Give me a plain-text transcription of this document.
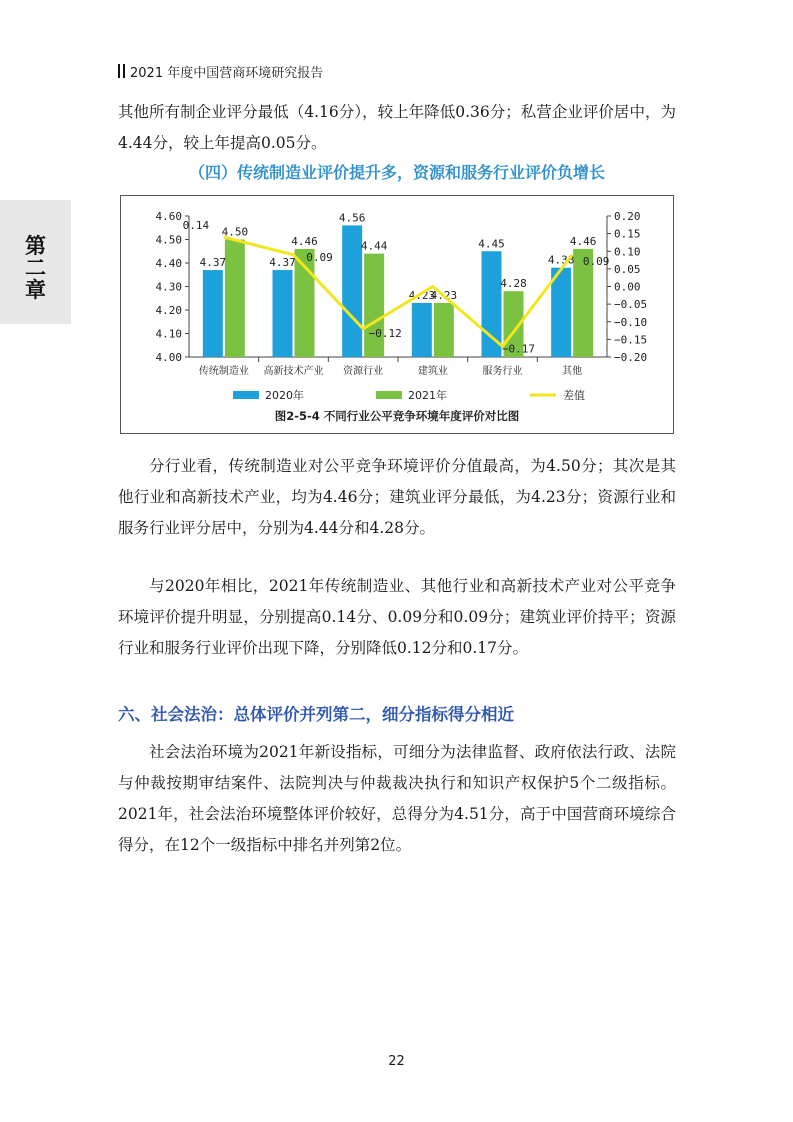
2021 年度中国营商环境研究报告
第
二
章

其他所有制企业评分最低（4.16分），较上年降低0.36分；私营企业评价居中，为4.44分，较上年提高0.05分。

（四）传统制造业评价提升多，资源和服务行业评价负增长
4.00
4.10
4.20
4.30
4.40
4.50
4.60
−0.20
−0.15
−0.10
−0.05
0.00
0.05
0.10
0.15
0.20
传统制造业 高新技术产业 资源行业	建筑业	服务行业	其他
4.37
4.50
4.37
4.46
4.56
4.44
4.23
4.23
4.45
4.28
4.38
4.46
0.14
0.09
−0.12
−0.17
0.09
2020年	2021年	差值
图2-5-4 不同行业公平竞争环境年度评价对比图

分行业看，传统制造业对公平竞争环境评价分值最高，为4.50分；其次是其他行业和高新技术产业，均为4.46分；建筑业评分最低，为4.23分；资源行业和服务行业评分居中，分别为4.44分和4.28分。

与2020年相比，2021年传统制造业、其他行业和高新技术产业对公平竞争环境评价提升明显，分别提高0.14分、0.09分和0.09分；建筑业评价持平；资源行业和服务行业评价出现下降，分别降低0.12分和0.17分。

六、社会法治：总体评价并列第二，细分指标得分相近

社会法治环境为2021年新设指标，可细分为法律监督、政府依法行政、法院与仲裁按期审结案件、法院判决与仲裁裁决执行和知识产权保护5个二级指标。2021年，社会法治环境整体评价较好，总得分为4.51分，高于中国营商环境综合得分，在12个一级指标中排名并列第2位。

22
